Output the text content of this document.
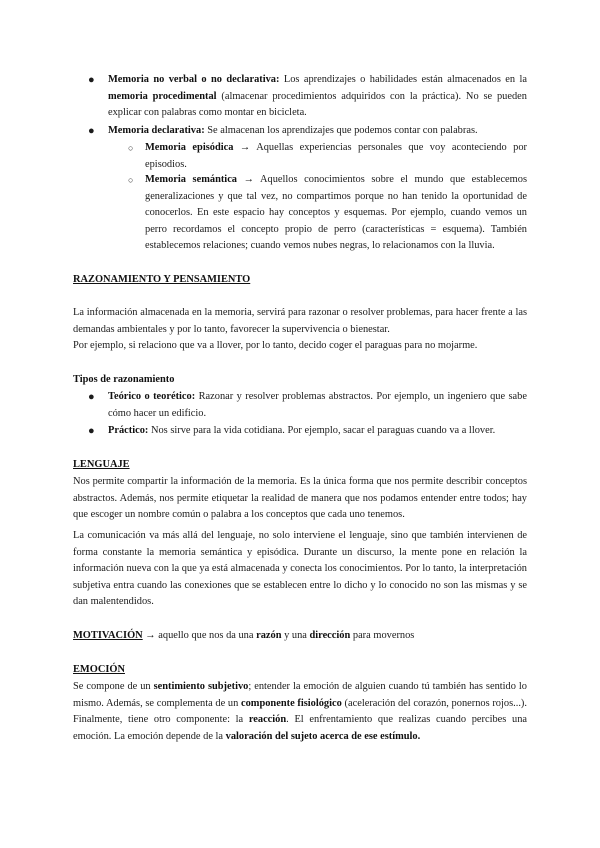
● Memoria no verbal o no declarativa: Los aprendizajes o habilidades están almacenados en la memoria procedimental (almacenar procedimientos adquiridos con la práctica). No se pueden explicar con palabras como montar en bicicleta.
● Memoria declarativa: Se almacenan los aprendizajes que podemos contar con palabras.
○ Memoria episódica → Aquellas experiencias personales que voy aconteciendo por episodios.
○ Memoria semántica → Aquellos conocimientos sobre el mundo que establecemos generalizaciones y que tal vez, no compartimos porque no han tenido la oportunidad de conocerlos. En este espacio hay conceptos y esquemas. Por ejemplo, cuando vemos un perro recordamos el concepto propio de perro (características = esquema). También establecemos relaciones; cuando vemos nubes negras, lo relacionamos con la lluvia.
RAZONAMIENTO Y PENSAMIENTO

La información almacenada en la memoria, servirá para razonar o resolver problemas, para hacer frente a las demandas ambientales y por lo tanto, favorecer la supervivencia o bienestar.

Por ejemplo, si relaciono que va a llover, por lo tanto, decido coger el paraguas para no mojarme.

Tipos de razonamiento
● Teórico o teorético: Razonar y resolver problemas abstractos. Por ejemplo, un ingeniero que sabe cómo hacer un edificio.
● Práctico: Nos sirve para la vida cotidiana. Por ejemplo, sacar el paraguas cuando va a llover.
LENGUAJE

Nos permite compartir la información de la memoria. Es la única forma que nos permite describir conceptos abstractos. Además, nos permite etiquetar la realidad de manera que nos podamos entender entre todos; hay que escoger un nombre común o palabra a los conceptos que cada uno tenemos.

La comunicación va más allá del lenguaje, no solo interviene el lenguaje, sino que también intervienen de forma constante la memoria semántica y episódica. Durante un discurso, la mente pone en relación la información nueva con la que ya está almacenada y conecta los conocimientos. Por lo tanto, la interpretación subjetiva entra cuando las conexiones que se establecen entre lo dicho y lo conocido no son las mismas y se dan malentendidos.

MOTIVACIÓN → aquello que nos da una razón y una dirección para movernos
EMOCIÓN

Se compone de un sentimiento subjetivo; entender la emoción de alguien cuando tú también has sentido lo mismo. Además, se complementa de un componente fisiológico (aceleración del corazón, ponernos rojos...). Finalmente, tiene otro componente: la reacción. El enfrentamiento que realizas cuando percibes una emoción. La emoción depende de la valoración del sujeto acerca de ese estímulo.
